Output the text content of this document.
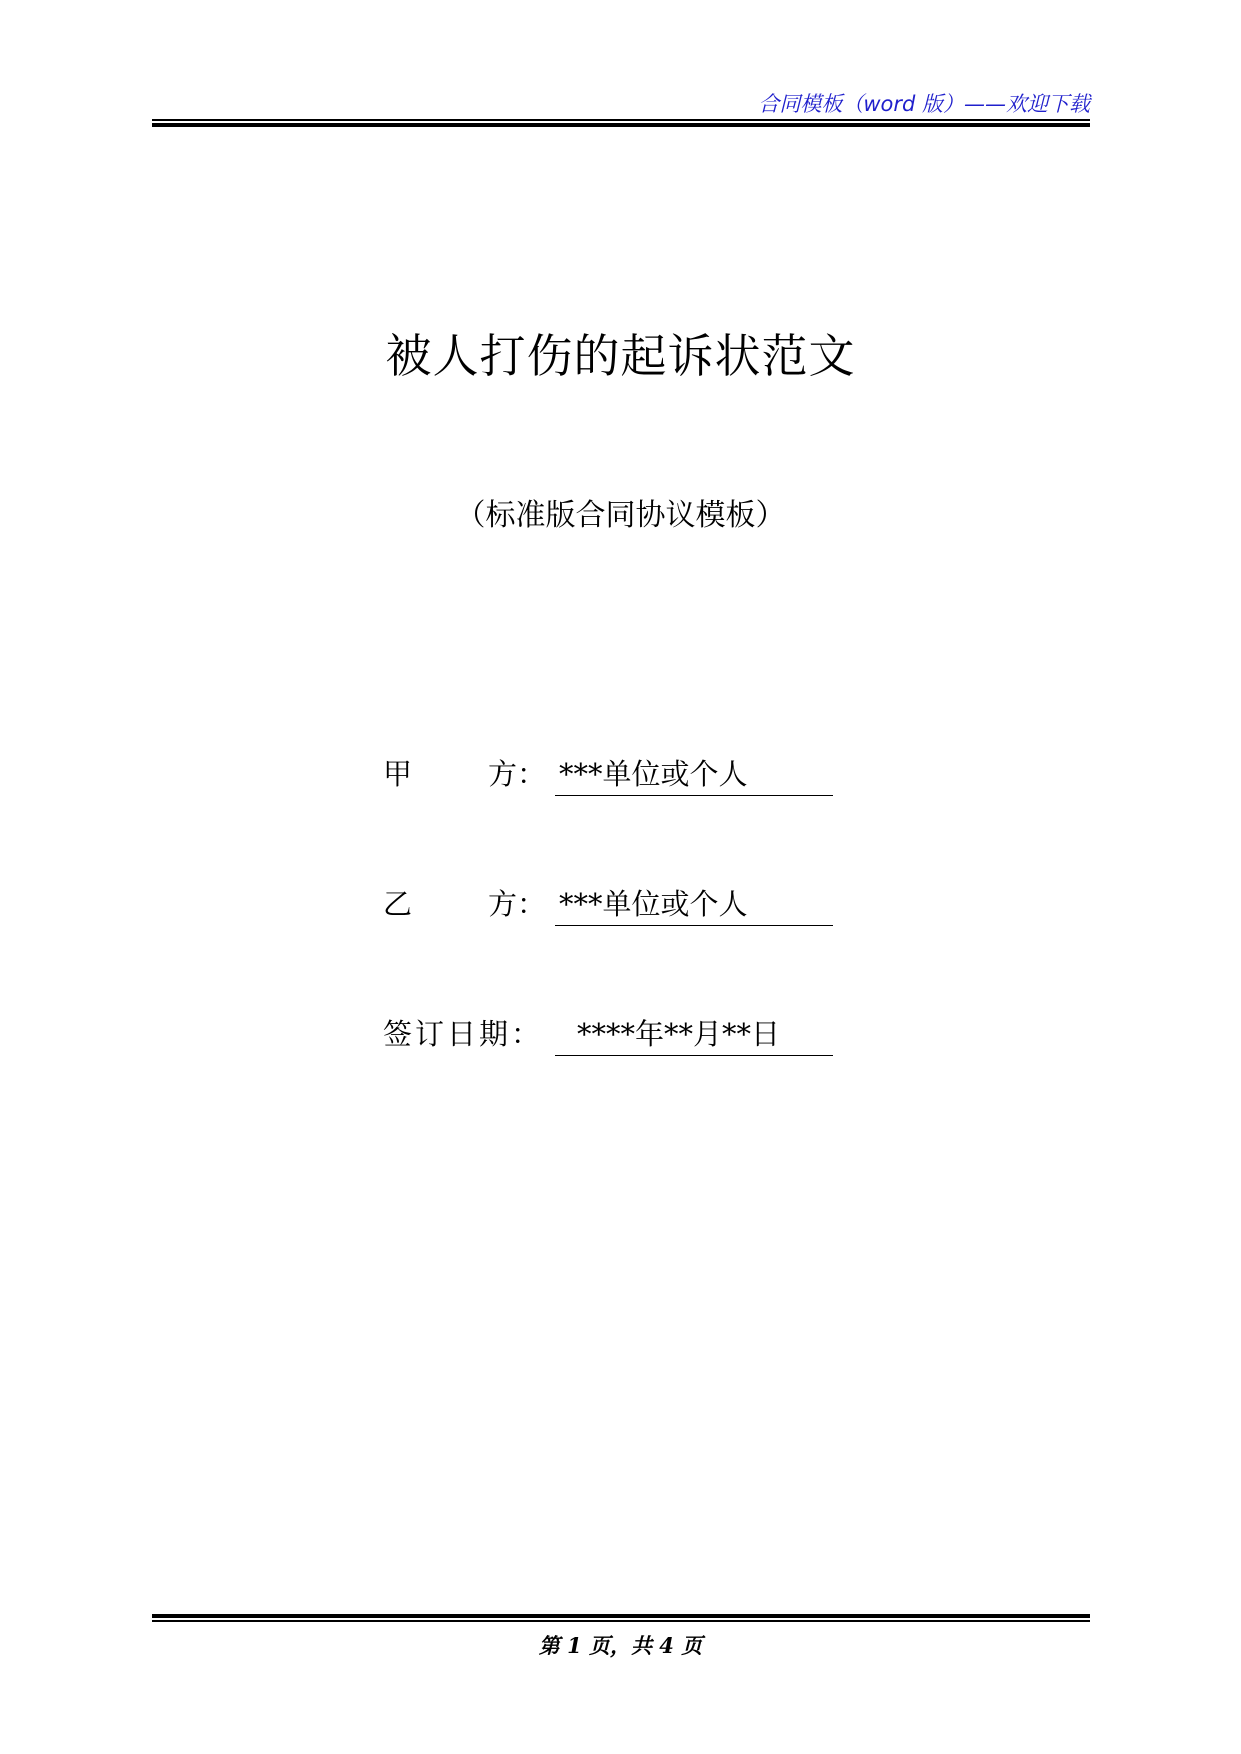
合同模板（word 版）——欢迎下载
被人打伤的起诉状范文
（标准版合同协议模板）
甲	方： ***单位或个人
乙	方： ***单位或个人
签订日期：	****年**月**日
第 1 页，共 4 页
